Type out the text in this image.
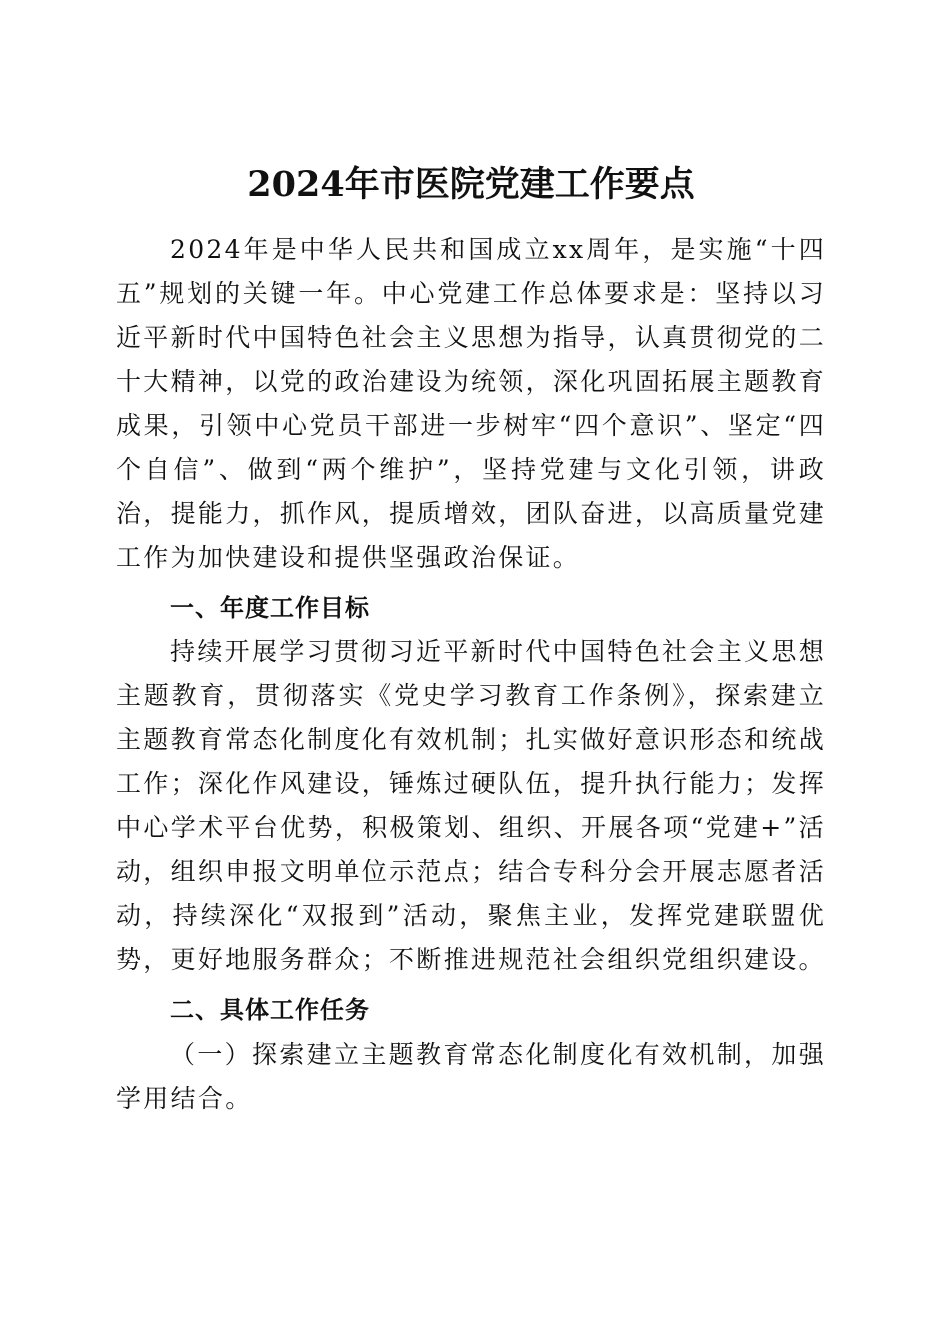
2024年市医院党建工作要点

2024年是中华人民共和国成立xx周年，是实施“十四五”规划的关键一年。中心党建工作总体要求是：坚持以习近平新时代中国特色社会主义思想为指导，认真贯彻党的二十大精神，以党的政治建设为统领，深化巩固拓展主题教育成果，引领中心党员干部进一步树牢“四个意识”、坚定“四个自信”、做到“两个维护”，坚持党建与文化引领，讲政治，提能力，抓作风，提质增效，团队奋进，以高质量党建工作为加快建设和提供坚强政治保证。

一、年度工作目标

持续开展学习贯彻习近平新时代中国特色社会主义思想主题教育，贯彻落实《党史学习教育工作条例》，探索建立主题教育常态化制度化有效机制；扎实做好意识形态和统战工作；深化作风建设，锤炼过硬队伍，提升执行能力；发挥中心学术平台优势，积极策划、组织、开展各项“党建+”活动，组织申报文明单位示范点；结合专科分会开展志愿者活动，持续深化“双报到”活动，聚焦主业，发挥党建联盟优势，更好地服务群众；不断推进规范社会组织党组织建设。

二、具体工作任务

（一）探索建立主题教育常态化制度化有效机制，加强学用结合。
